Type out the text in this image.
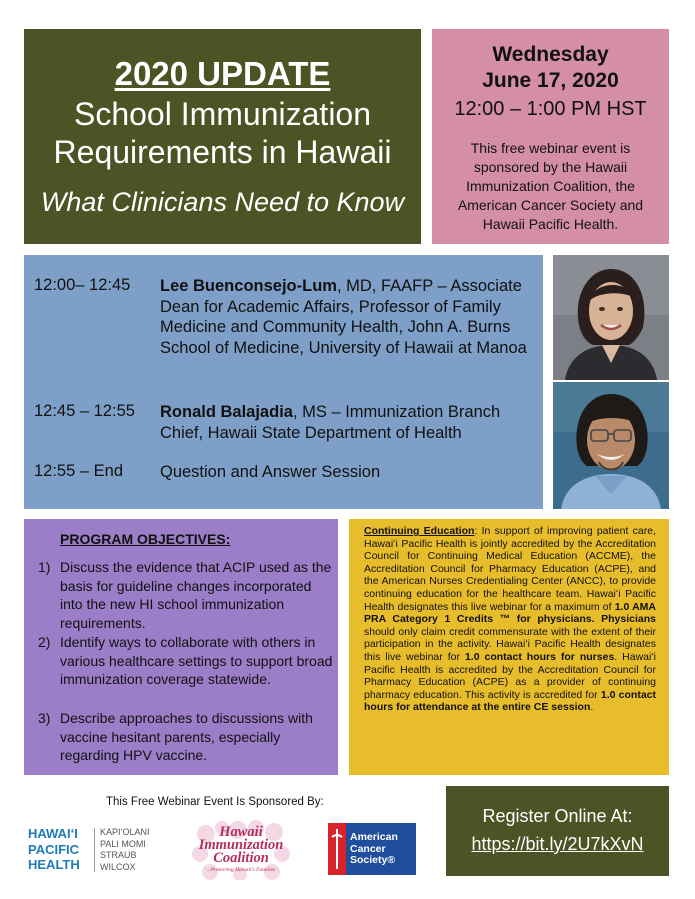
2020 UPDATE
School Immunization
Requirements in Hawaii
What Clinicians Need to Know
Wednesday
June 17, 2020
12:00 – 1:00 PM HST
This free webinar event is sponsored by the Hawaii Immunization Coalition, the American Cancer Society and Hawaii Pacific Health.
12:00– 12:45 Lee Buenconsejo-Lum, MD, FAAFP – Associate Dean for Academic Affairs, Professor of Family Medicine and Community Health, John A. Burns School of Medicine, University of Hawaii at Manoa
12:45 – 12:55 Ronald Balajadia, MS – Immunization Branch Chief, Hawaii State Department of Health
12:55 – End Question and Answer Session
PROGRAM OBJECTIVES:
1) Discuss the evidence that ACIP used as the basis for guideline changes incorporated into the new HI school immunization requirements.
2) Identify ways to collaborate with others in various healthcare settings to support broad immunization coverage statewide.
3) Describe approaches to discussions with vaccine hesitant parents, especially regarding HPV vaccine.
Continuing Education: In support of improving patient care, Hawaiʻi Pacific Health is jointly accredited by the Accreditation Council for Continuing Medical Education (ACCME), the Accreditation Council for Pharmacy Education (ACPE), and the American Nurses Credentialing Center (ANCC), to provide continuing education for the healthcare team. Hawaiʻi Pacific Health designates this live webinar for a maximum of 1.0 AMA PRA Category 1 Credits ™ for physicians. Physicians should only claim credit commensurate with the extent of their participation in the activity. Hawaiʻi Pacific Health designates this live webinar for 1.0 contact hours for nurses. Hawaiʻi Pacific Health is accredited by the Accreditation Council for Pharmacy Education (ACPE) as a provider of continuing pharmacy education. This activity is accredited for 1.0 contact hours for attendance at the entire CE session.
This Free Webinar Event Is Sponsored By:
HAWAIʻI
PACIFIC
HEALTH
KAPIʻOLANI
PALI MOMI
STRAUB
WILCOX
Hawaii
Immunization
Coalition
...Protecting Hawaii's Families
American
Cancer
Society®
Register Online At:
https://bit.ly/2U7kXvN
